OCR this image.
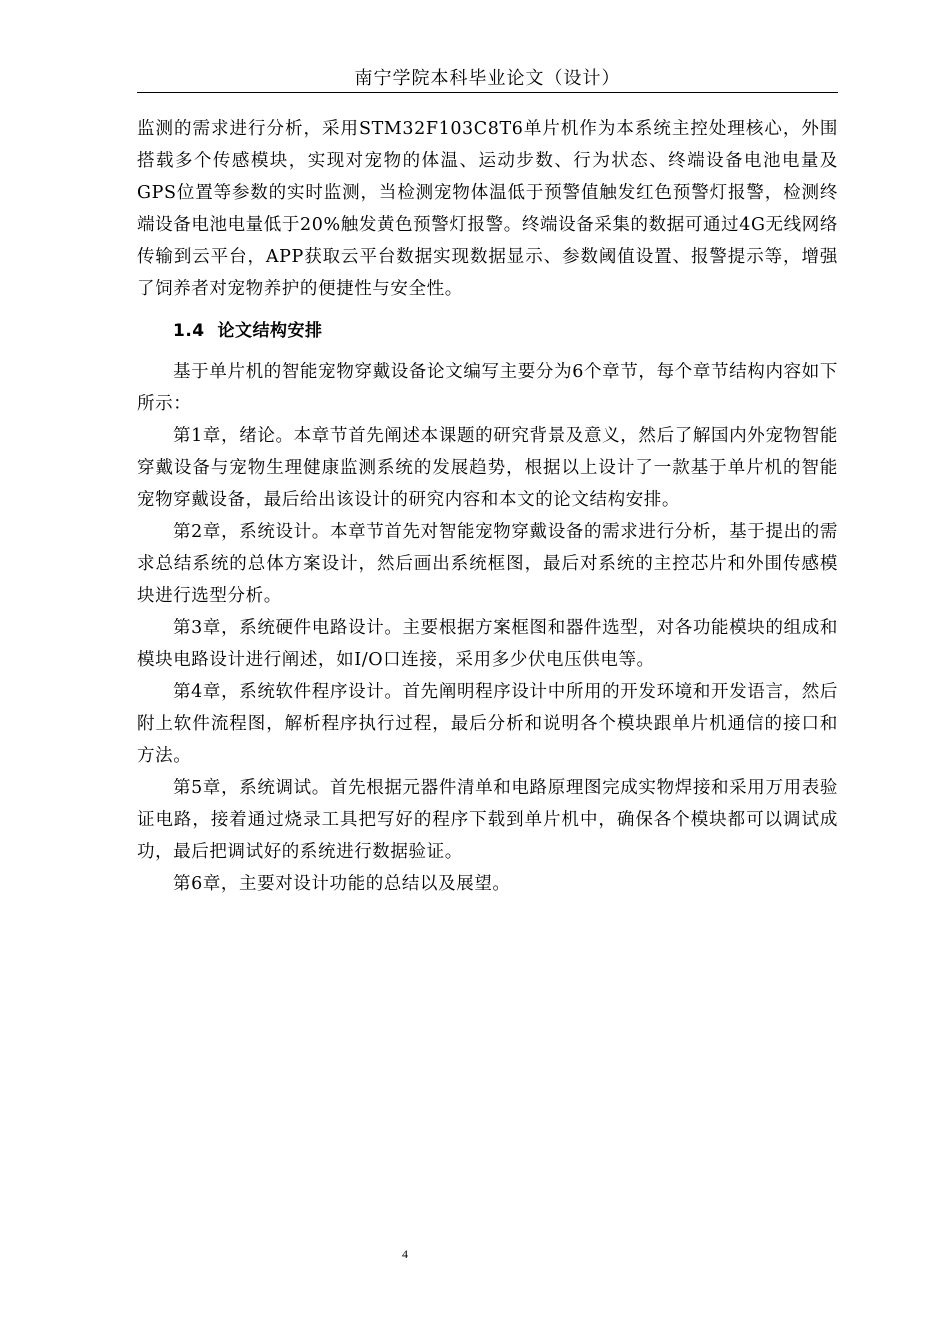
南宁学院本科毕业论文（设计）

监测的需求进行分析，采用STM32F103C8T6单片机作为本系统主控处理核心，外围搭载多个传感模块，实现对宠物的体温、运动步数、行为状态、终端设备电池电量及GPS位置等参数的实时监测，当检测宠物体温低于预警值触发红色预警灯报警，检测终端设备电池电量低于20%触发黄色预警灯报警。终端设备采集的数据可通过4G无线网络传输到云平台，APP获取云平台数据实现数据显示、参数阈值设置、报警提示等，增强了饲养者对宠物养护的便捷性与安全性。

1.4 论文结构安排

基于单片机的智能宠物穿戴设备论文编写主要分为6个章节，每个章节结构内容如下所示：

第1章，绪论。本章节首先阐述本课题的研究背景及意义，然后了解国内外宠物智能穿戴设备与宠物生理健康监测系统的发展趋势，根据以上设计了一款基于单片机的智能宠物穿戴设备，最后给出该设计的研究内容和本文的论文结构安排。

第2章，系统设计。本章节首先对智能宠物穿戴设备的需求进行分析，基于提出的需求总结系统的总体方案设计，然后画出系统框图，最后对系统的主控芯片和外围传感模块进行选型分析。

第3章，系统硬件电路设计。主要根据方案框图和器件选型，对各功能模块的组成和模块电路设计进行阐述，如I/O口连接，采用多少伏电压供电等。

第4章，系统软件程序设计。首先阐明程序设计中所用的开发环境和开发语言，然后附上软件流程图，解析程序执行过程，最后分析和说明各个模块跟单片机通信的接口和方法。

第5章，系统调试。首先根据元器件清单和电路原理图完成实物焊接和采用万用表验证电路，接着通过烧录工具把写好的程序下载到单片机中，确保各个模块都可以调试成功，最后把调试好的系统进行数据验证。

第6章，主要对设计功能的总结以及展望。

4
